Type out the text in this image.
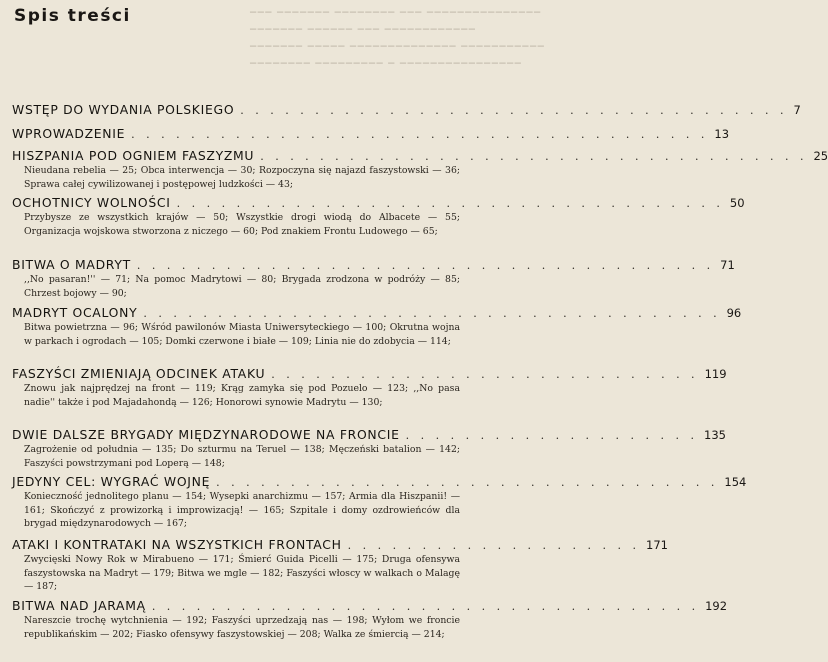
▔▔▔ ▔▔▔▔▔▔▔ ▔▔▔▔▔▔▔▔ ▔▔▔ ▔▔▔▔▔▔▔▔▔▔▔▔▔▔▔
▔▔▔▔▔▔▔ ▔▔▔▔▔▔ ▔▔▔ ▔▔▔▔▔▔▔▔▔▔▔▔
▔▔▔▔▔▔▔ ▔▔▔▔▔ ▔▔▔▔▔▔▔▔▔▔▔▔▔▔ ▔▔▔▔▔▔▔▔▔▔▔
▔▔▔▔▔▔▔▔ ▔▔▔▔▔▔▔▔▔ ▔ ▔▔▔▔▔▔▔▔▔▔▔▔▔▔▔▔
Spis treści
WSTĘP DO WYDANIA POLSKIEGO . . . . . . . . . . . . . . . . . . . . . . . . . . . . . . . . . . . . . 7
WPROWADZENIE . . . . . . . . . . . . . . . . . . . . . . . . . . . . . . . . . . . . . . . 13
HISZPANIA POD OGNIEM FASZYZMU . . . . . . . . . . . . . . . . . . . . . . . . . . . . . . . . . . . . . 25
Nieudana rebelia — 25; Obca interwencja — 30; Rozpoczyna się najazd faszystowski — 36; Sprawa całej cywilizowanej i postępowej ludzkości — 43;
OCHOTNICY WOLNOŚCI . . . . . . . . . . . . . . . . . . . . . . . . . . . . . . . . . . . . . 50
Przybysze ze wszystkich krajów — 50; Wszystkie drogi wiodą do Albacete — 55; Organizacja wojskowa stworzona z niczego — 60; Pod znakiem Frontu Ludowego — 65;
BITWA O MADRYT . . . . . . . . . . . . . . . . . . . . . . . . . . . . . . . . . . . . . . . 71
,,No pasaran!'' — 71; Na pomoc Madrytowi — 80; Brygada zrodzona w podróży — 85; Chrzest bojowy — 90;
MADRYT OCALONY . . . . . . . . . . . . . . . . . . . . . . . . . . . . . . . . . . . . . . . 96
Bitwa powietrzna — 96; Wśród pawilonów Miasta Uniwersyteckiego — 100; Okrutna wojna w parkach i ogrodach — 105; Domki czerwone i białe — 109; Linia nie do zdobycia — 114;
FASZYŚCI ZMIENIAJĄ ODCINEK ATAKU . . . . . . . . . . . . . . . . . . . . . . . . . . . . . 119
Znowu jak najprędzej na front — 119; Krąg zamyka się pod Pozuelo — 123; ,,No pasa nadie'' także i pod Majadahondą — 126; Honorowi synowie Madrytu — 130;
DWIE DALSZE BRYGADY MIĘDZYNARODOWE NA FRONCIE . . . . . . . . . . . . . . . . . . . . 135
Zagrożenie od południa — 135; Do szturmu na Teruel — 138; Męczeński batalion — 142; Faszyści powstrzymani pod Loperą — 148;
JEDYNY CEL: WYGRAĆ WOJNĘ . . . . . . . . . . . . . . . . . . . . . . . . . . . . . . . . . . 154
Konieczność jednolitego planu — 154; Wysepki anarchizmu — 157; Armia dla Hiszpanii! — 161; Skończyć z prowizorką i improwizacją! — 165; Szpitale i domy ozdrowieńców dla brygad międzynarodowych — 167;
ATAKI I KONTRATAKI NA WSZYSTKICH FRONTACH . . . . . . . . . . . . . . . . . . . . 171
Zwycięski Nowy Rok w Mirabueno — 171; Śmierć Guida Picelli — 175; Druga ofensywa faszystowska na Madryt — 179; Bitwa we mgle — 182; Faszyści włoscy w walkach o Malagę — 187;
BITWA NAD JARAMĄ . . . . . . . . . . . . . . . . . . . . . . . . . . . . . . . . . . . . . 192
Nareszcie trochę wytchnienia — 192; Faszyści uprzedzają nas — 198; Wyłom we froncie republikańskim — 202; Fiasko ofensywy faszystowskiej — 208; Walka ze śmiercią — 214;
